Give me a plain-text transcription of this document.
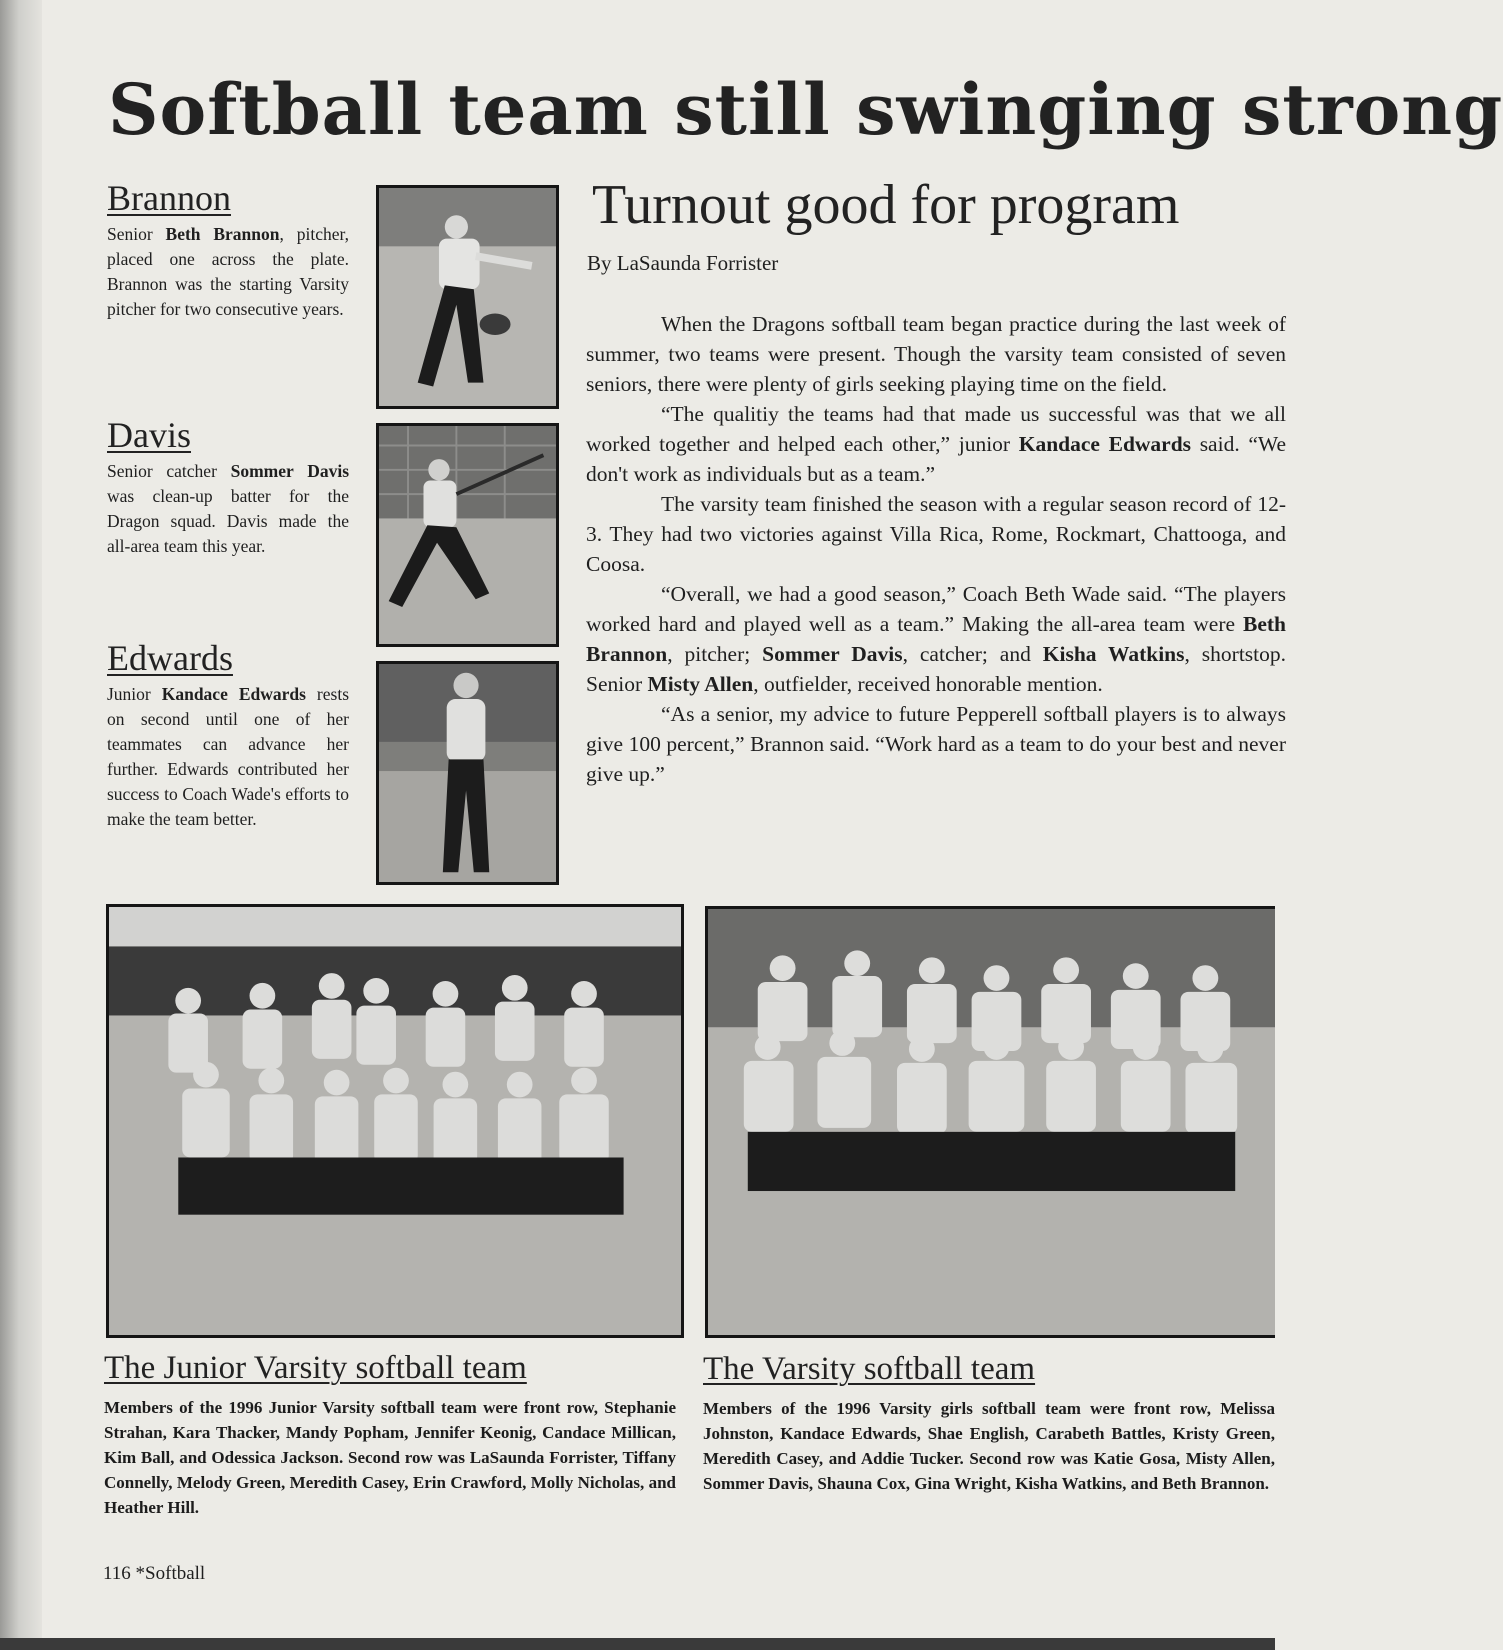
Softball team still swinging strong
Brannon
Senior Beth Brannon, pitcher, placed one across the plate. Brannon was the starting Varsity pitcher for two consecutive years.
Davis
Senior catcher Sommer Davis was clean-up batter for the Dragon squad. Davis made the all-area team this year.
Edwards
Junior Kandace Edwards rests on second until one of her teammates can advance her further. Edwards contributed her success to Coach Wade's efforts to make the team better.
Turnout good for program
By LaSaunda Forrister

When the Dragons softball team began practice during the last week of summer, two teams were present. Though the varsity team consisted of seven seniors, there were plenty of girls seeking playing time on the field.

“The qualitiy the teams had that made us successful was that we all worked together and helped each other,” junior Kandace Edwards said. “We don't work as individuals but as a team.”

The varsity team finished the season with a regular season record of 12-3. They had two victories against Villa Rica, Rome, Rockmart, Chattooga, and Coosa.

“Overall, we had a good season,” Coach Beth Wade said. “The players worked hard and played well as a team.” Making the all-area team were Beth Brannon, pitcher; Sommer Davis, catcher; and Kisha Watkins, shortstop. Senior Misty Allen, outfielder, received honorable mention.

“As a senior, my advice to future Pepperell softball players is to always give 100 percent,” Brannon said. “Work hard as a team to do your best and never give up.”

The Junior Varsity softball team
Members of the 1996 Junior Varsity softball team were front row, Stephanie Strahan, Kara Thacker, Mandy Popham, Jennifer Keonig, Candace Millican, Kim Ball, and Odessica Jackson. Second row was LaSaunda Forrister, Tiffany Connelly, Melody Green, Meredith Casey, Erin Crawford, Molly Nicholas, and Heather Hill.
The Varsity softball team
Members of the 1996 Varsity girls softball team were front row, Melissa Johnston, Kandace Edwards, Shae English, Carabeth Battles, Kristy Green, Meredith Casey, and Addie Tucker. Second row was Katie Gosa, Misty Allen, Sommer Davis, Shauna Cox, Gina Wright, Kisha Watkins, and Beth Brannon.
116 *Softball
